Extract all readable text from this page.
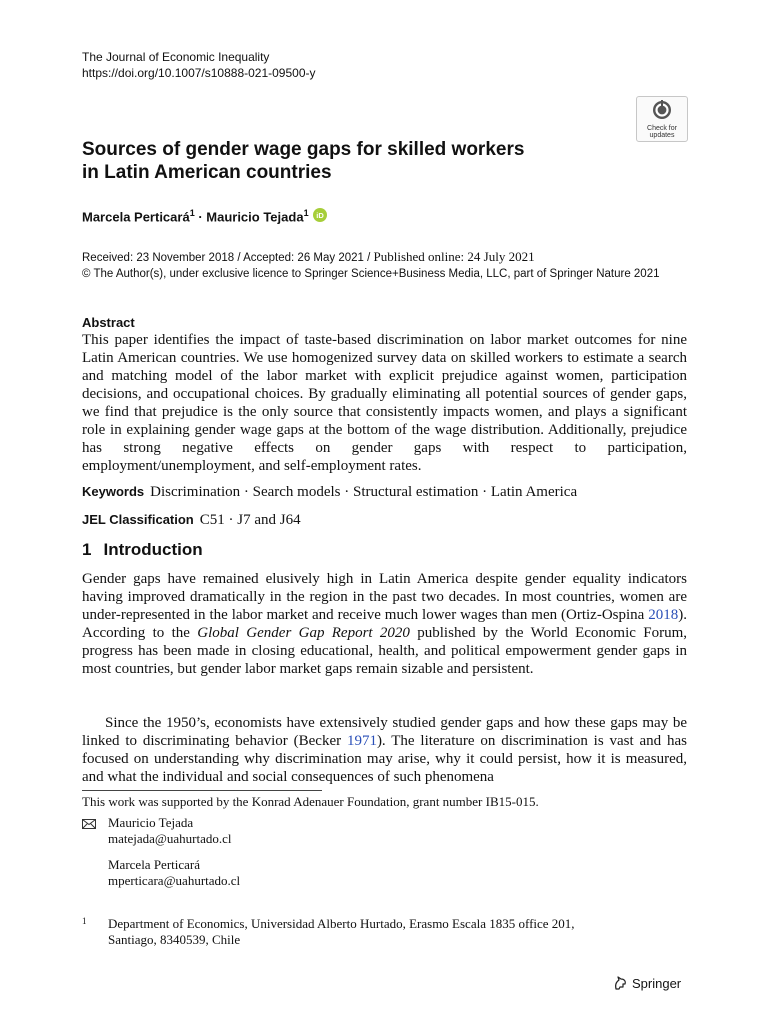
The Journal of Economic Inequality
https://doi.org/10.1007/s10888-021-09500-y
Check for
updates
Sources of gender wage gaps for skilled workers
in Latin American countries
Marcela Perticará$^1$ · Mauricio Tejada$^1$ iD
Received: 23 November 2018 / Accepted: 26 May 2021 / Published online: 24 July 2021
© The Author(s), under exclusive licence to Springer Science+Business Media, LLC, part of Springer Nature 2021
Abstract

This paper identifies the impact of taste-based discrimination on labor market outcomes for nine Latin American countries. We use homogenized survey data on skilled workers to estimate a search and matching model of the labor market with explicit prejudice against women, participation decisions, and occupational choices. By gradually eliminating all potential sources of gender gaps, we find that prejudice is the only source that consistently impacts women, and plays a significant role in explaining gender wage gaps at the bottom of the wage distribution. Additionally, prejudice has strong negative effects on gender gaps with respect to participation, employment/unemployment, and self-employment rates.

Keywords Discrimination · Search models · Structural estimation · Latin America
JEL Classification C51 · J7 and J64
1 Introduction

Gender gaps have remained elusively high in Latin America despite gender equality indicators having improved dramatically in the region in the past two decades. In most countries, women are under-represented in the labor market and receive much lower wages than men (Ortiz-Ospina 2018). According to the Global Gender Gap Report 2020 published by the World Economic Forum, progress has been made in closing educational, health, and political empowerment gender gaps in most countries, but gender labor market gaps remain sizable and persistent.

Since the 1950’s, economists have extensively studied gender gaps and how these gaps may be linked to discriminating behavior (Becker 1971). The literature on discrimination is vast and has focused on understanding why discrimination may arise, why it could persist, how it is measured, and what the individual and social consequences of such phenomena

This work was supported by the Konrad Adenauer Foundation, grant number IB15-015.
Mauricio Tejada
matejada@uahurtado.cl
Marcela Perticará
mperticara@uahurtado.cl
1 Department of Economics, Universidad Alberto Hurtado, Erasmo Escala 1835 office 201,
Santiago, 8340539, Chile
Springer
